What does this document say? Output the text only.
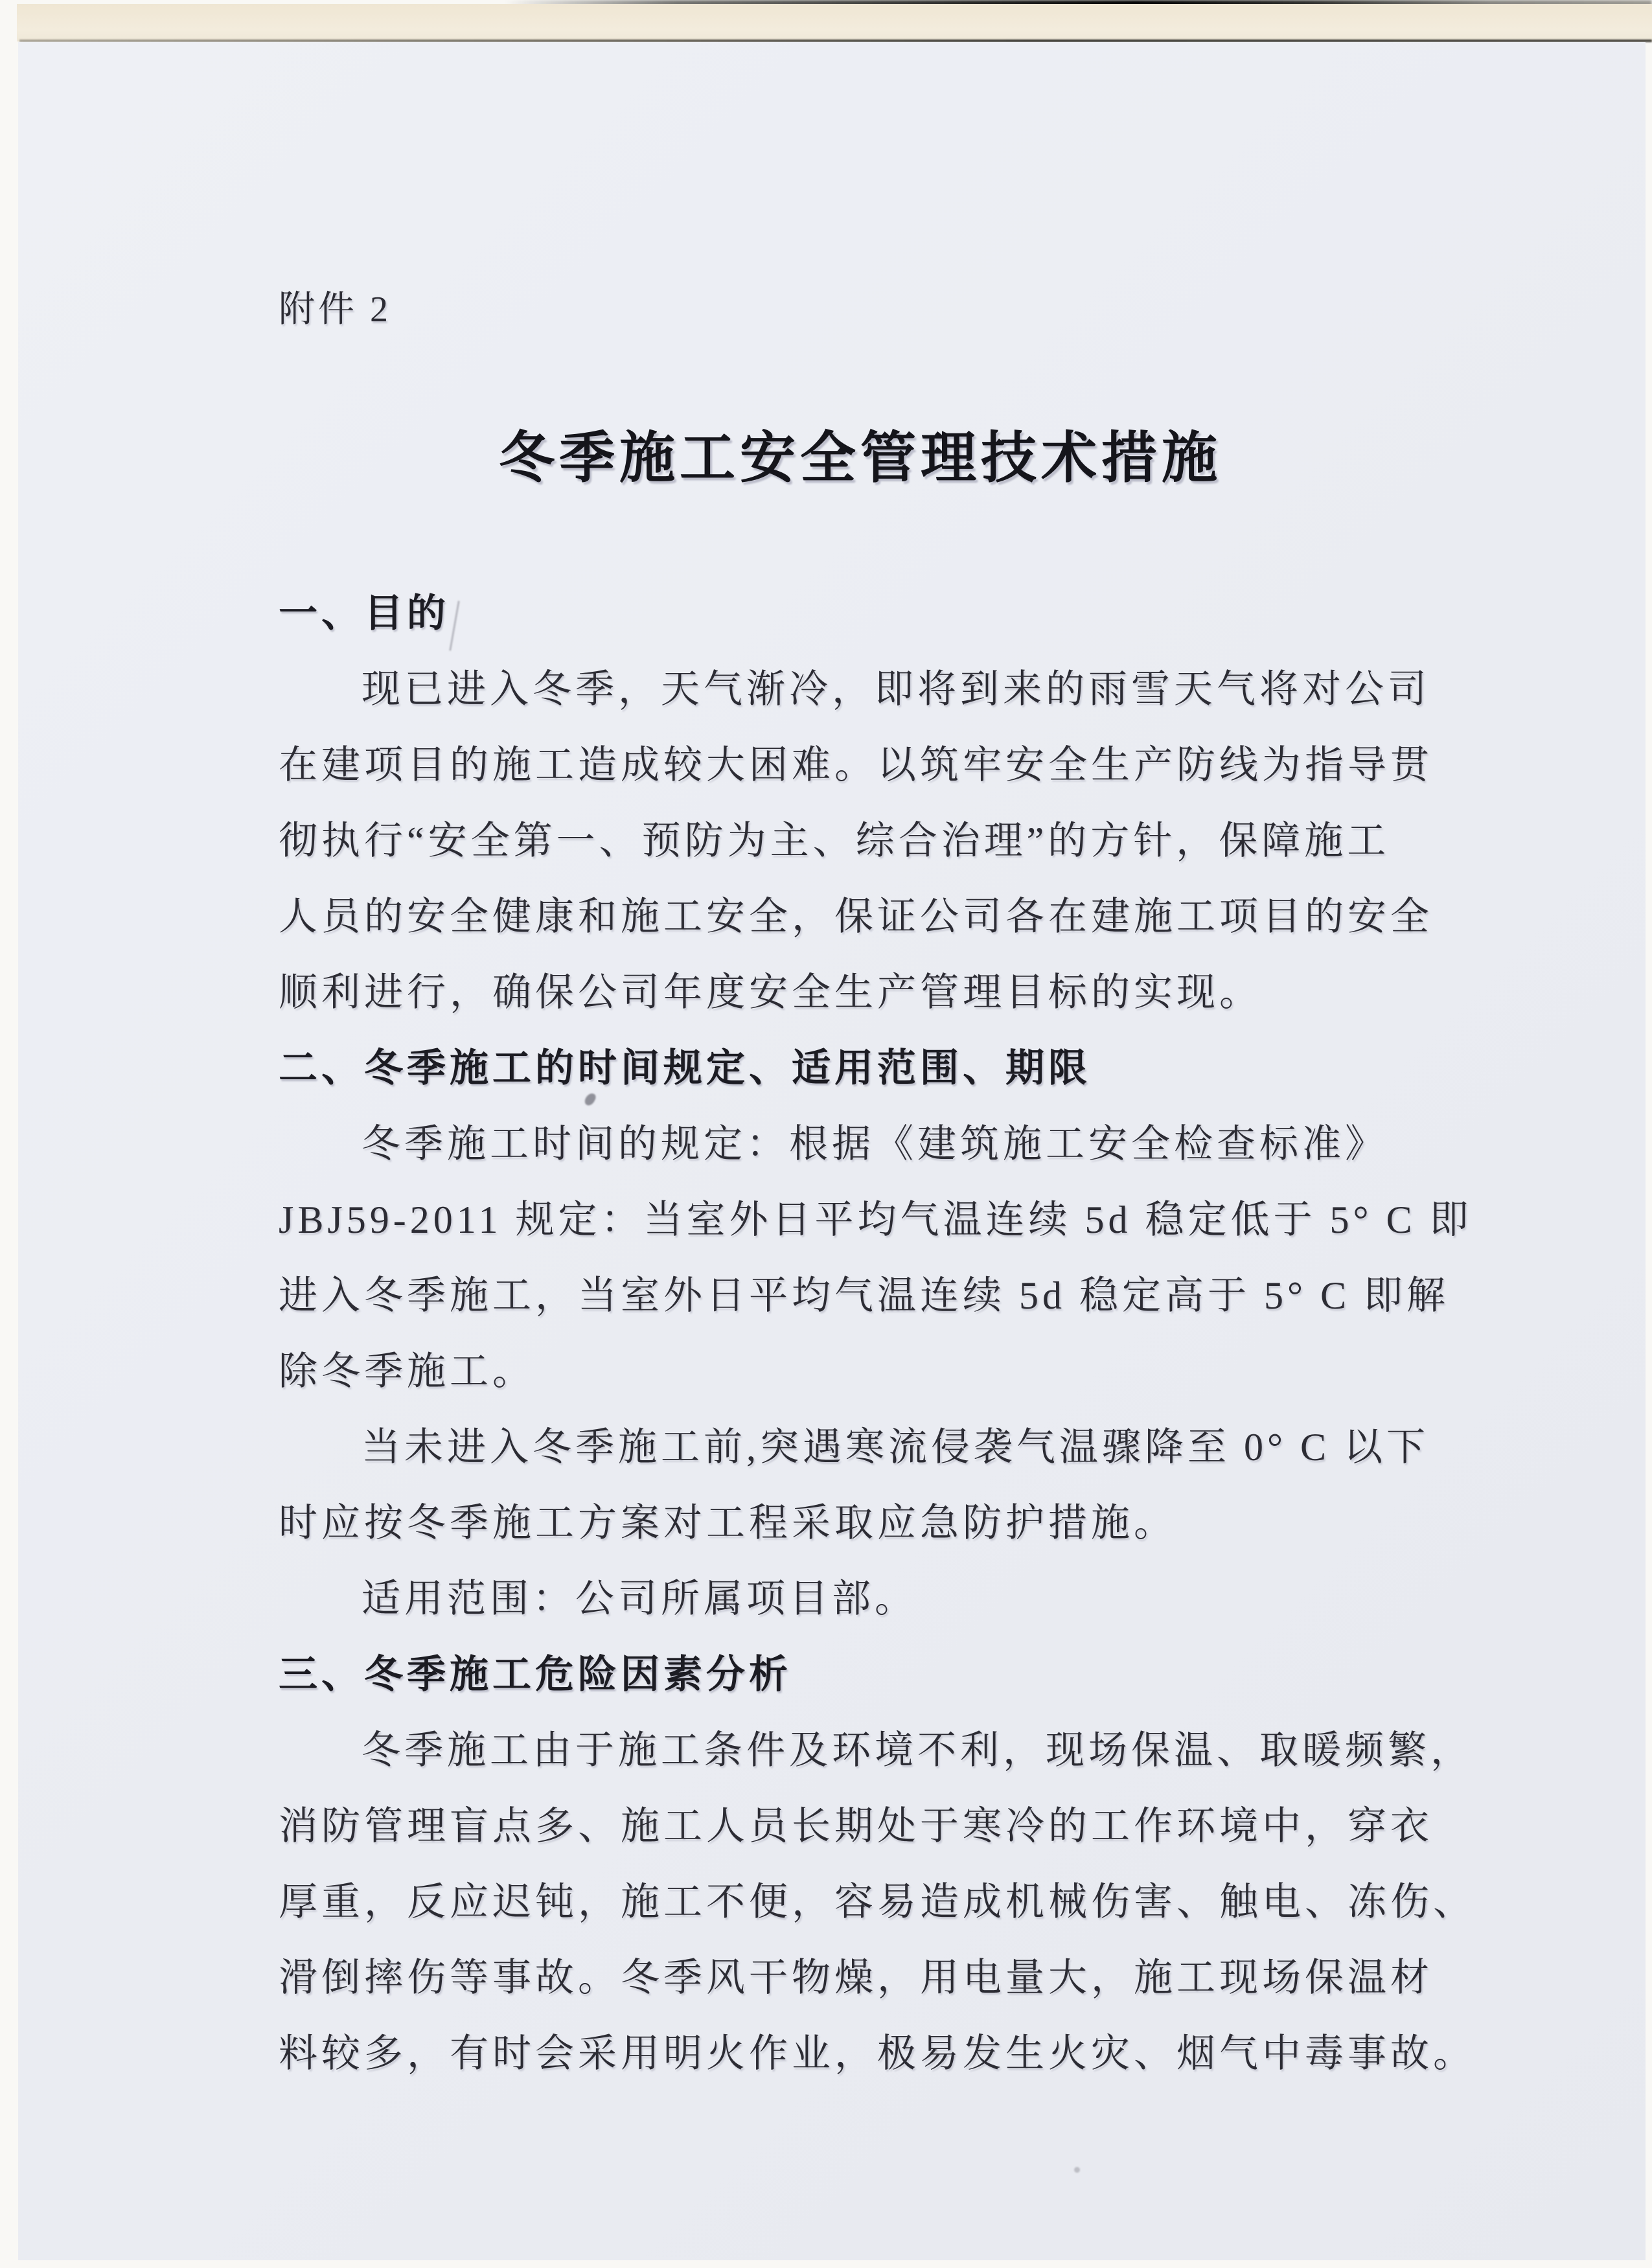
附件 2
冬季施工安全管理技术措施
一、目的
现已进入冬季，天气渐冷，即将到来的雨雪天气将对公司
在建项目的施工造成较大困难。以筑牢安全生产防线为指导贯
彻执行“安全第一、预防为主、综合治理”的方针，保障施工
人员的安全健康和施工安全，保证公司各在建施工项目的安全
顺利进行，确保公司年度安全生产管理目标的实现。
二、冬季施工的时间规定、适用范围、期限
冬季施工时间的规定：根据《建筑施工安全检查标准》
JBJ59-2011 规定：当室外日平均气温连续 5d 稳定低于 5° C 即
进入冬季施工，当室外日平均气温连续 5d 稳定高于 5° C 即解
除冬季施工。
当未进入冬季施工前,突遇寒流侵袭气温骤降至 0° C 以下
时应按冬季施工方案对工程采取应急防护措施。
适用范围：公司所属项目部。
三、冬季施工危险因素分析
冬季施工由于施工条件及环境不利，现场保温、取暖频繁，
消防管理盲点多、施工人员长期处于寒冷的工作环境中，穿衣
厚重，反应迟钝，施工不便，容易造成机械伤害、触电、冻伤、
滑倒摔伤等事故。冬季风干物燥，用电量大，施工现场保温材
料较多，有时会采用明火作业，极易发生火灾、烟气中毒事故。
